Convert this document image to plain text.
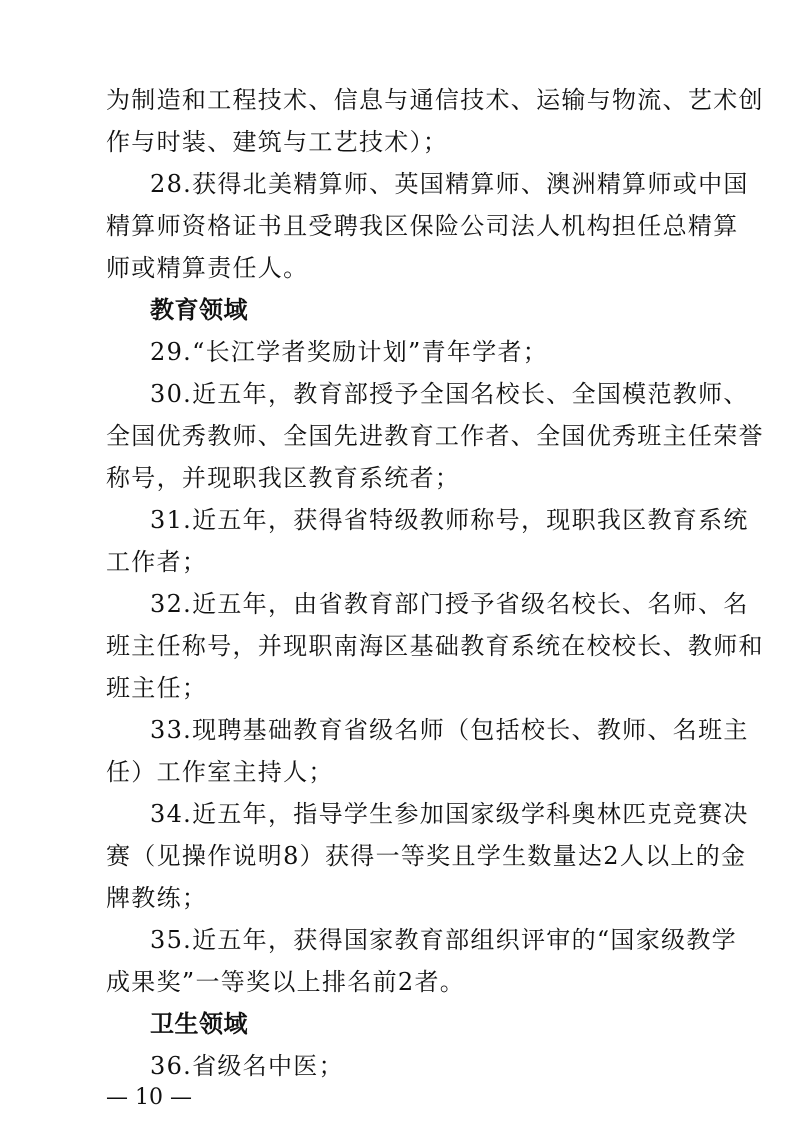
为制造和工程技术、信息与通信技术、运输与物流、艺术创
作与时装、建筑与工艺技术）；
28.获得北美精算师、英国精算师、澳洲精算师或中国
精算师资格证书且受聘我区保险公司法人机构担任总精算
师或精算责任人。
教育领域
29.“长江学者奖励计划”青年学者；
30.近五年，教育部授予全国名校长、全国模范教师、
全国优秀教师、全国先进教育工作者、全国优秀班主任荣誉
称号，并现职我区教育系统者；
31.近五年，获得省特级教师称号，现职我区教育系统
工作者；
32.近五年，由省教育部门授予省级名校长、名师、名
班主任称号，并现职南海区基础教育系统在校校长、教师和
班主任；
33.现聘基础教育省级名师（包括校长、教师、名班主
任）工作室主持人；
34.近五年，指导学生参加国家级学科奥林匹克竞赛决
赛（见操作说明8）获得一等奖且学生数量达2人以上的金
牌教练；
35.近五年，获得国家教育部组织评审的“国家级教学
成果奖”一等奖以上排名前2者。
卫生领域
36.省级名中医；
— 10 —
